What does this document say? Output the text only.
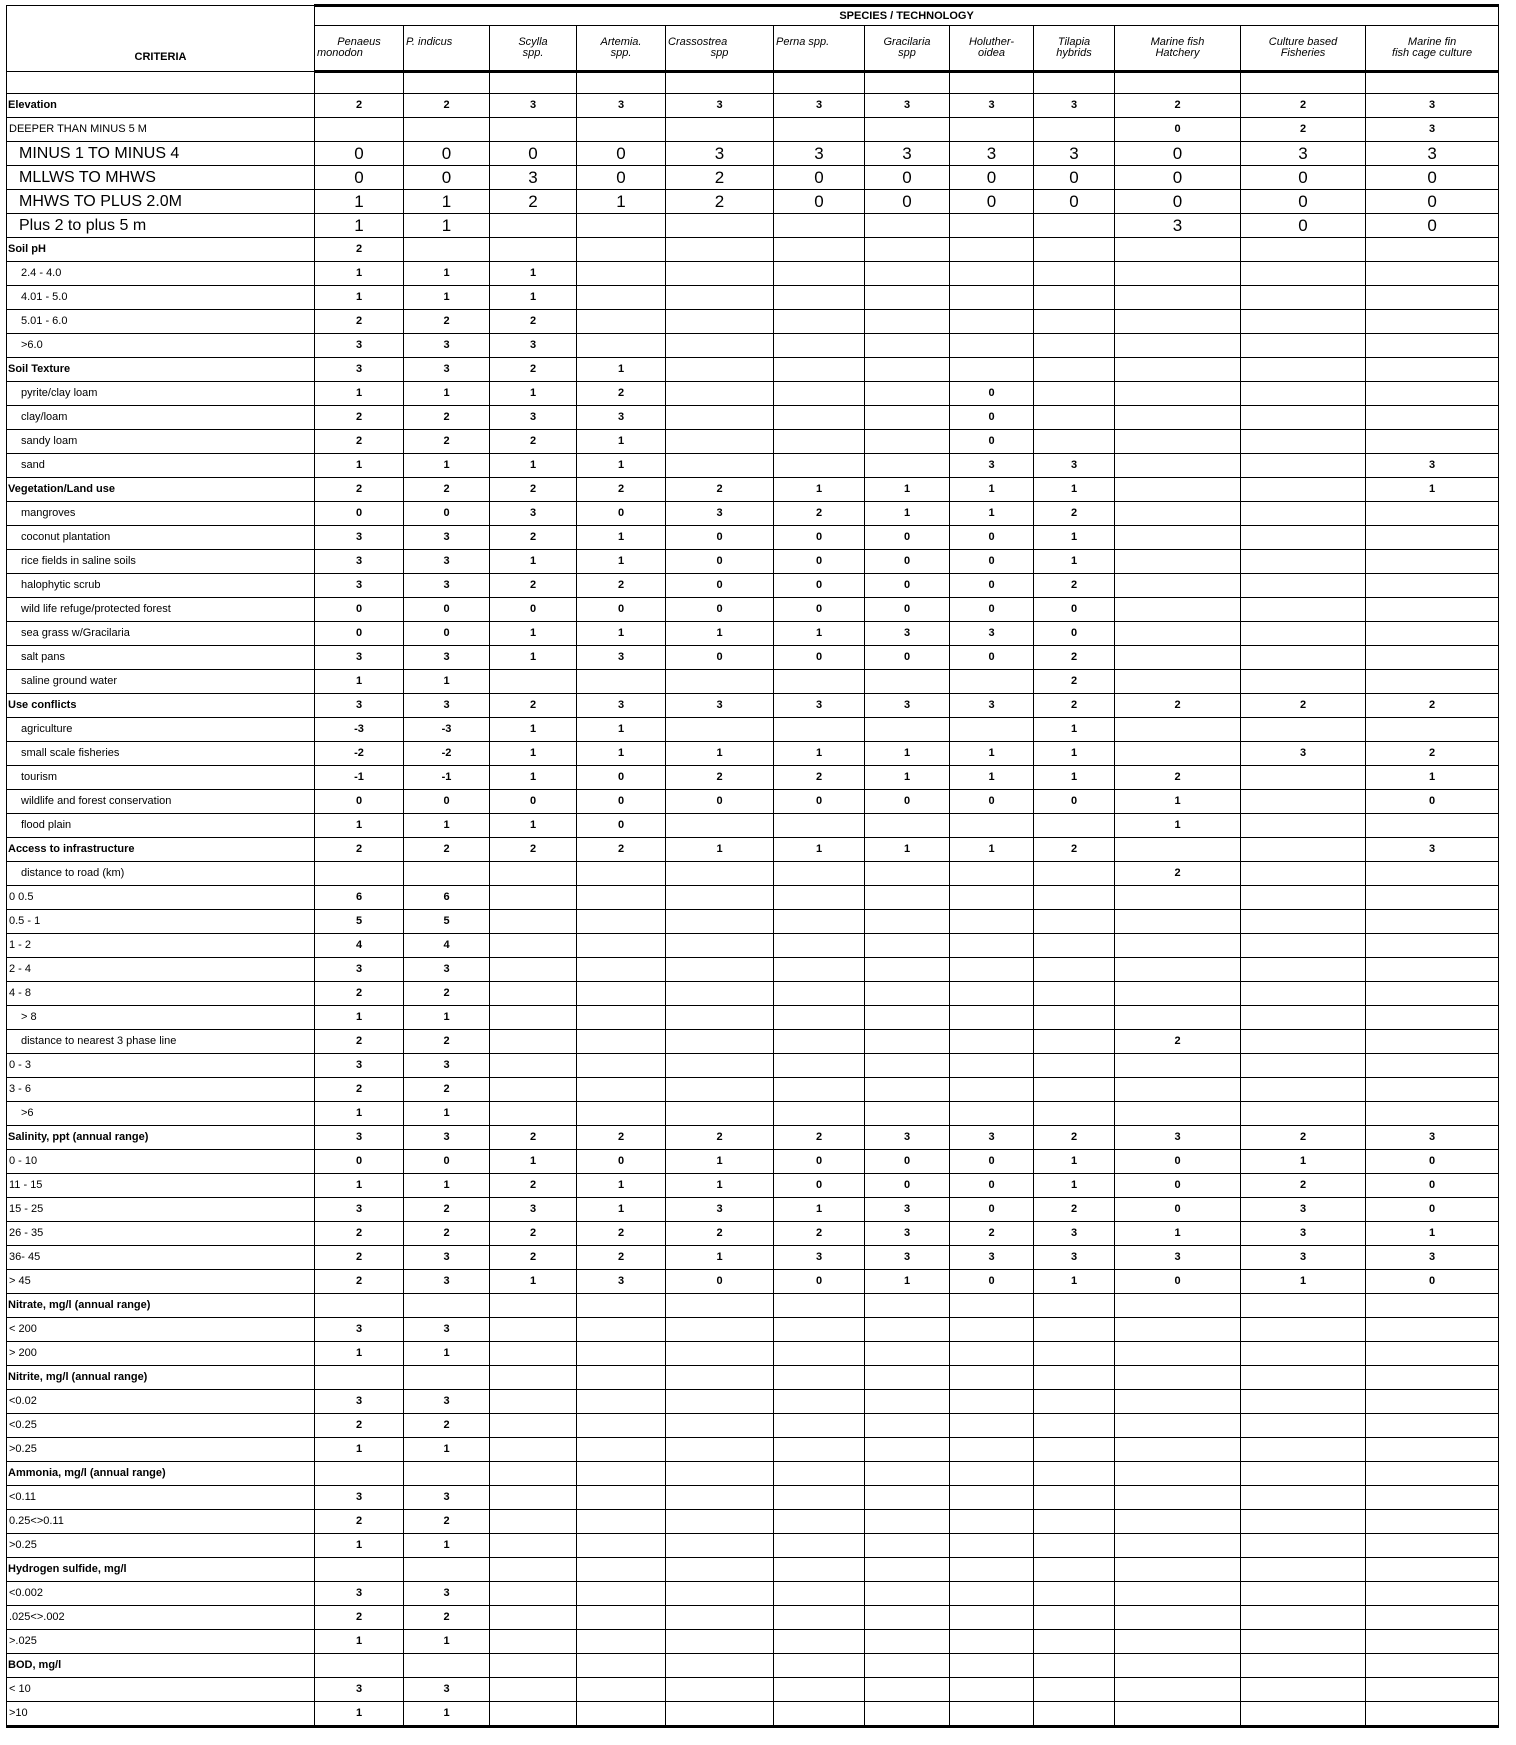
CRITERIA	SPECIES / TECHNOLOGY											
	Penaeus	P. indicus	Scylla	Artemia.	Crassostrea	Perna spp.	Gracilaria	Holuther-	Tilapia	Marine fish	Culture based	Marine fin
	monodon		spp.	spp.	spp		spp	oidea	hybrids	Hatchery	Fisheries	fish cage culture

Elevation	2	2	3	3	3	3	3	3	3	2	2	3
DEEPER THAN MINUS 5 M										0	2	3
MINUS 1 TO MINUS 4	0	0	0	0	3	3	3	3	3	0	3	3
MLLWS TO MHWS	0	0	3	0	2	0	0	0	0	0	0	0
MHWS TO PLUS 2.0M	1	1	2	1	2	0	0	0	0	0	0	0
Plus 2 to plus 5 m	1	1								3	0	0
Soil pH	2											
2.4 - 4.0	1	1	1									
4.01 - 5.0	1	1	1									
5.01 - 6.0	2	2	2									
>6.0	3	3	3									
Soil Texture	3	3	2	1								
pyrite/clay loam	1	1	1	2				0				
clay/loam	2	2	3	3				0				
sandy loam	2	2	2	1				0				
sand	1	1	1	1				3	3			3
Vegetation/Land use	2	2	2	2	2	1	1	1	1			1
mangroves	0	0	3	0	3	2	1	1	2			
coconut plantation	3	3	2	1	0	0	0	0	1			
rice fields in saline soils	3	3	1	1	0	0	0	0	1			
halophytic scrub	3	3	2	2	0	0	0	0	2			
wild life refuge/protected forest	0	0	0	0	0	0	0	0	0			
sea grass w/Gracilaria	0	0	1	1	1	1	3	3	0			
salt pans	3	3	1	3	0	0	0	0	2			
saline ground water	1	1							2			
Use conflicts	3	3	2	3	3	3	3	3	2	2	2	2
agriculture	-3	-3	1	1					1			
small scale fisheries	-2	-2	1	1	1	1	1	1	1		3	2
tourism	-1	-1	1	0	2	2	1	1	1	2		1
wildlife and forest conservation	0	0	0	0	0	0	0	0	0	1		0
flood plain	1	1	1	0						1		
Access to infrastructure	2	2	2	2	1	1	1	1	2			3
distance to road (km)										2		
0 0.5	6	6										
0.5 - 1	5	5										
1 - 2	4	4										
2 - 4	3	3										
4 - 8	2	2										
> 8	1	1										
distance to nearest 3 phase line	2	2								2		
0 - 3	3	3										
3 - 6	2	2										
>6	1	1										
Salinity, ppt (annual range)	3	3	2	2	2	2	3	3	2	3	2	3
0 - 10	0	0	1	0	1	0	0	0	1	0	1	0
11 - 15	1	1	2	1	1	0	0	0	1	0	2	0
15 - 25	3	2	3	1	3	1	3	0	2	0	3	0
26 - 35	2	2	2	2	2	2	3	2	3	1	3	1
36- 45	2	3	2	2	1	3	3	3	3	3	3	3
> 45	2	3	1	3	0	0	1	0	1	0	1	0
Nitrate, mg/l (annual range)												
< 200	3	3										
> 200	1	1										
Nitrite, mg/l (annual range)												
<0.02	3	3										
<0.25	2	2										
>0.25	1	1										
Ammonia, mg/l (annual range)												
<0.11	3	3										
0.25<>0.11	2	2										
>0.25	1	1										
Hydrogen sulfide, mg/l												
<0.002	3	3										
.025<>.002	2	2										
>.025	1	1										
BOD, mg/l												
< 10	3	3										
>10	1	1										
